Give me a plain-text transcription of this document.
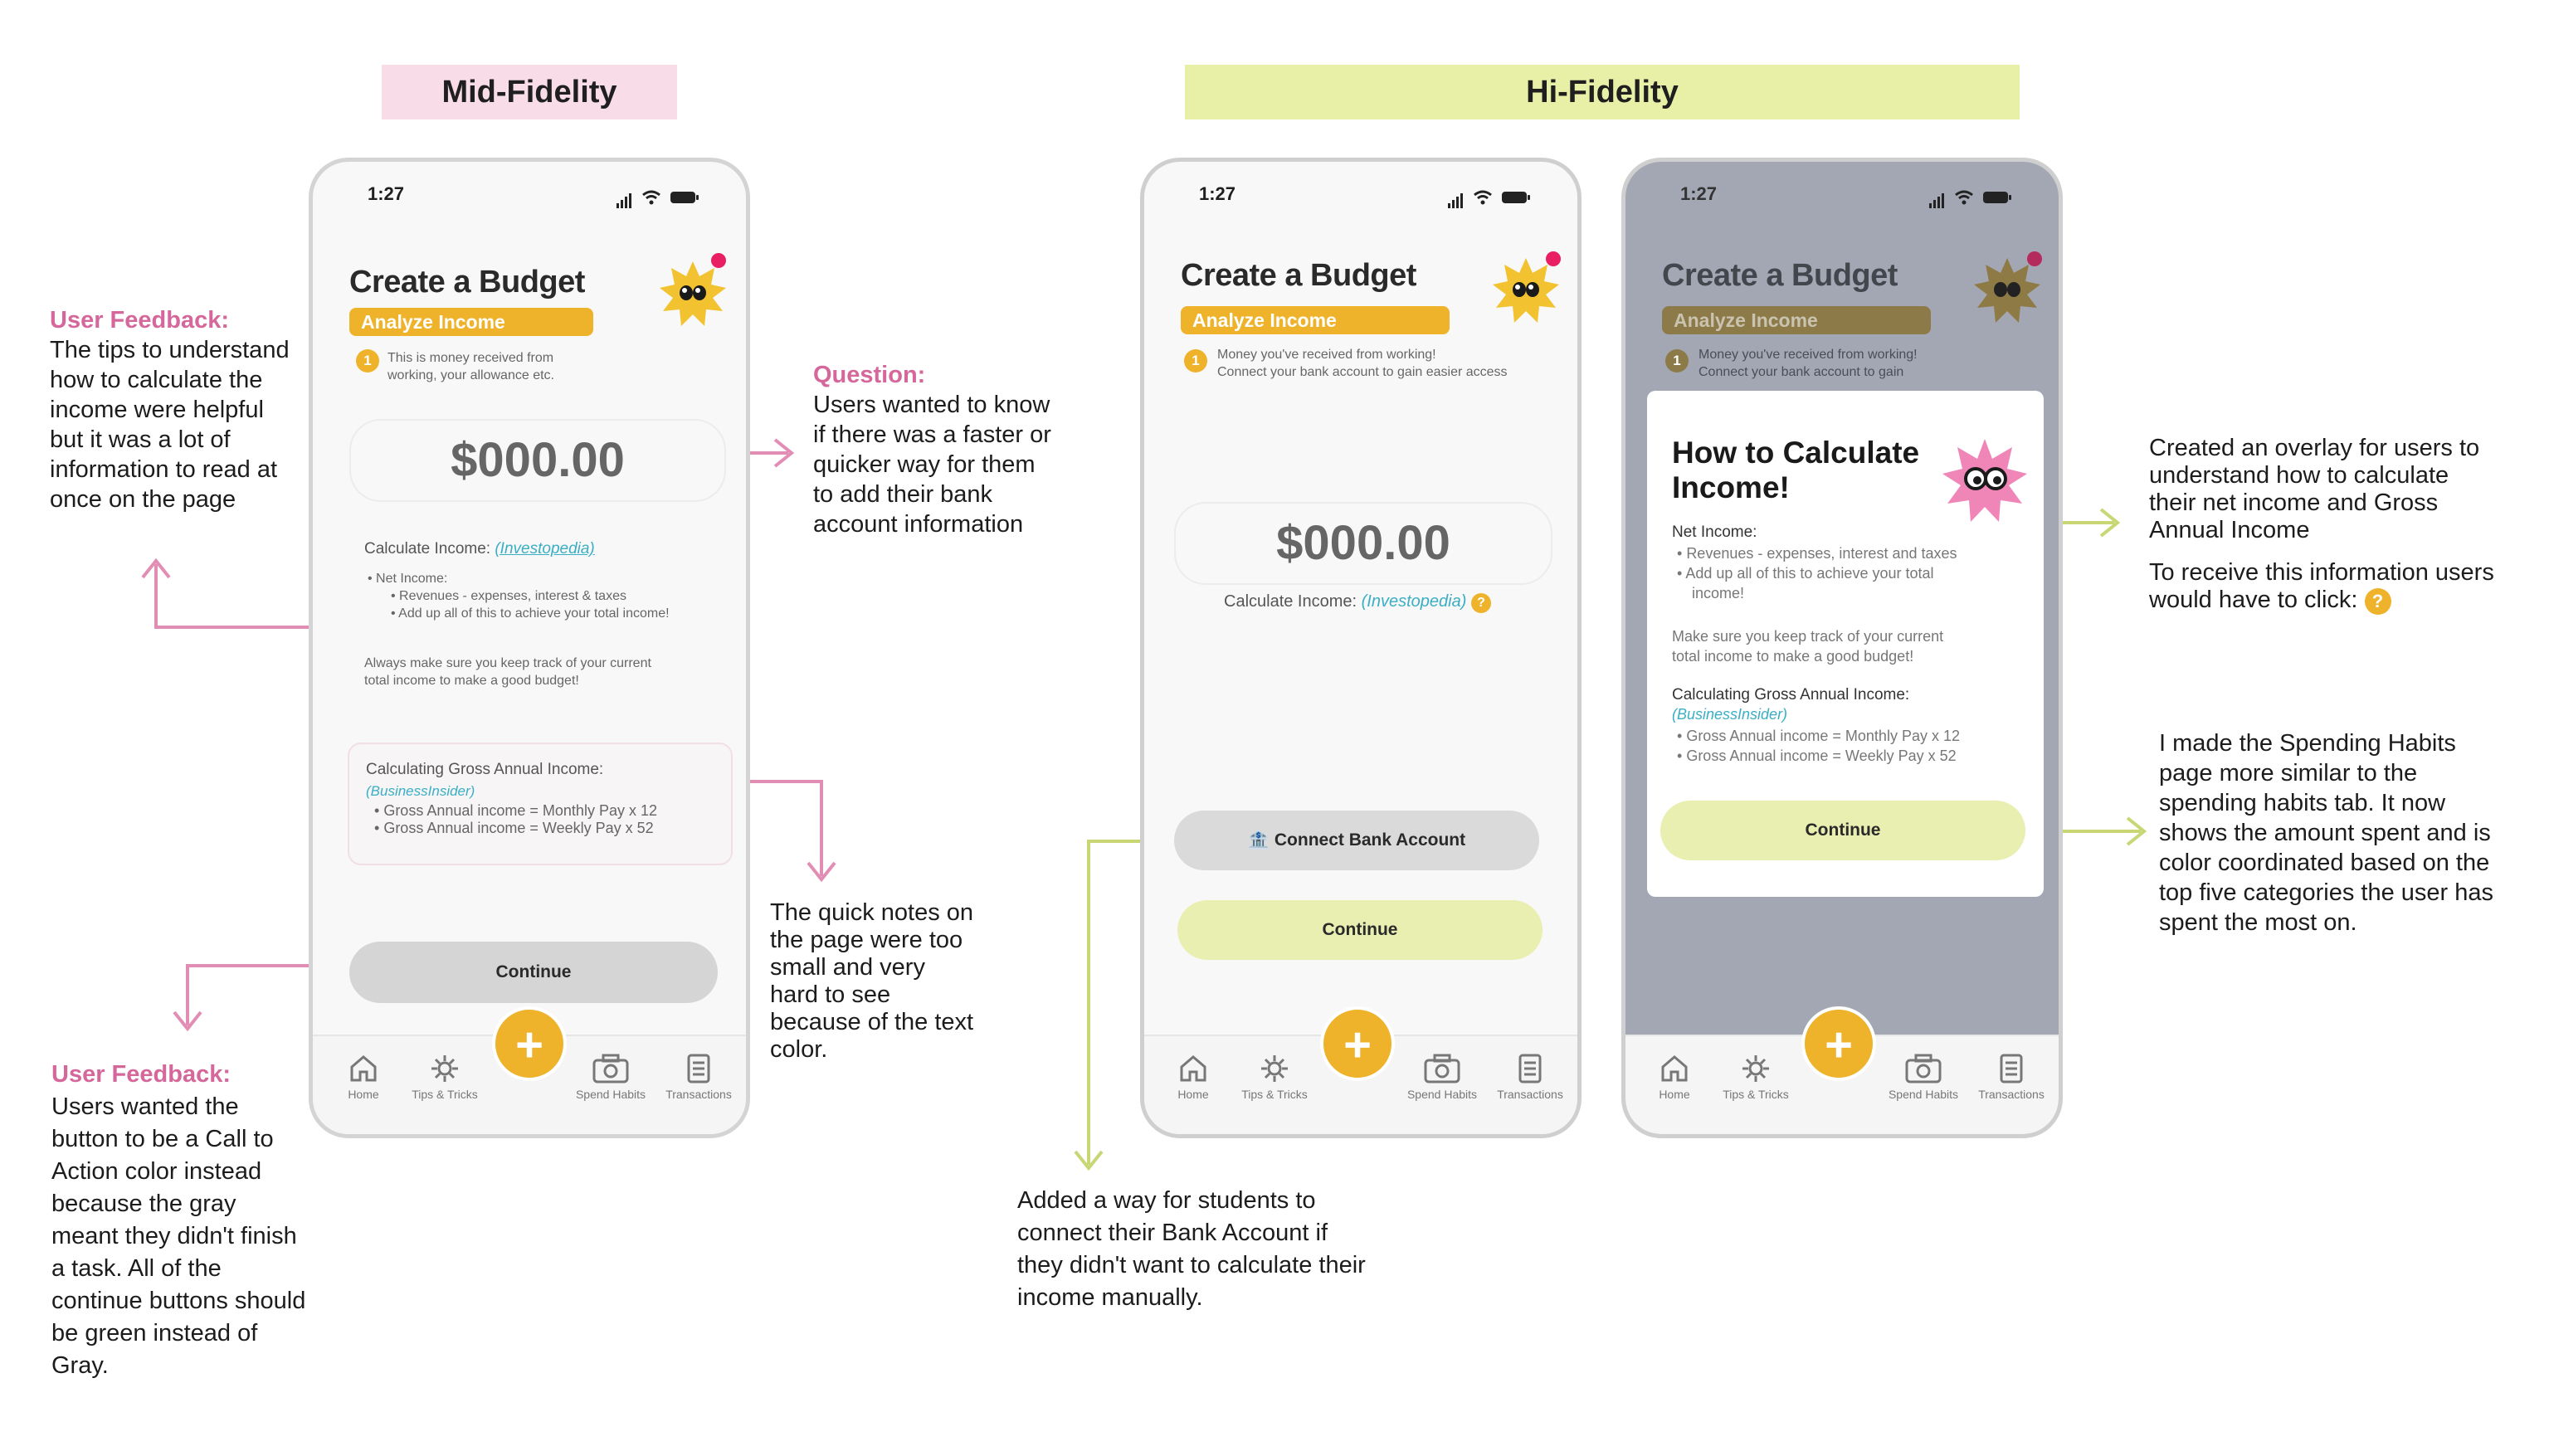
Mid-Fidelity	Hi-Fidelity
1:27
Create a Budget
Analyze Income
1	This is money received from
working, your allowance etc.
$000.00
Calculate Income: (Investopedia)
• Net Income:
• Revenues - expenses, interest & taxes
• Add up all of this to achieve your total income!
Always make sure you keep track of your current
total income to make a good budget!
Calculating Gross Annual Income:
(BusinessInsider)
• Gross Annual income = Monthly Pay x 12
• Gross Annual income = Weekly Pay x 52
Continue
Home	Tips & Tricks
+
Spend Habits	Transactions
1:27
Create a Budget
Analyze Income
1	Money you've received from working!
Connect your bank account to gain easier access
$000.00
Calculate Income: (Investopedia) ?
🏦 Connect Bank Account
Continue
Home	Tips & Tricks
+
Spend Habits	Transactions
1:27
Create a Budget
Analyze Income
1	Money you've received from working!
Connect your bank account to gain
How to Calculate
Income!
Net Income:
• Revenues - expenses, interest and taxes
• Add up all of this to achieve your total
income!
Make sure you keep track of your current
total income to make a good budget!
Calculating Gross Annual Income:
(BusinessInsider)
• Gross Annual income = Monthly Pay x 12
• Gross Annual income = Weekly Pay x 52
Continue
Home	Tips & Tricks
+
Spend Habits	Transactions
User Feedback:
The tips to understand how to calculate the income were helpful but it was a lot of information to read at once on the page
Question:
Users wanted to know if there was a faster or quicker way for them to add their bank account information
The quick notes on the page were too small and very hard to see because of the text color.
User Feedback:
Users wanted the button to be a Call to Action color instead because the gray meant they didn't finish a task. All of the continue buttons should be green instead of Gray.
Added a way for students to connect their Bank Account if they didn't want to calculate their income manually.
Created an overlay for users to understand how to calculate their net income and Gross Annual Income
To receive this information users would have to click: ?
I made the Spending Habits page more similar to the spending habits tab. It now shows the amount spent and is color coordinated based on the top five categories the user has spent the most on.
